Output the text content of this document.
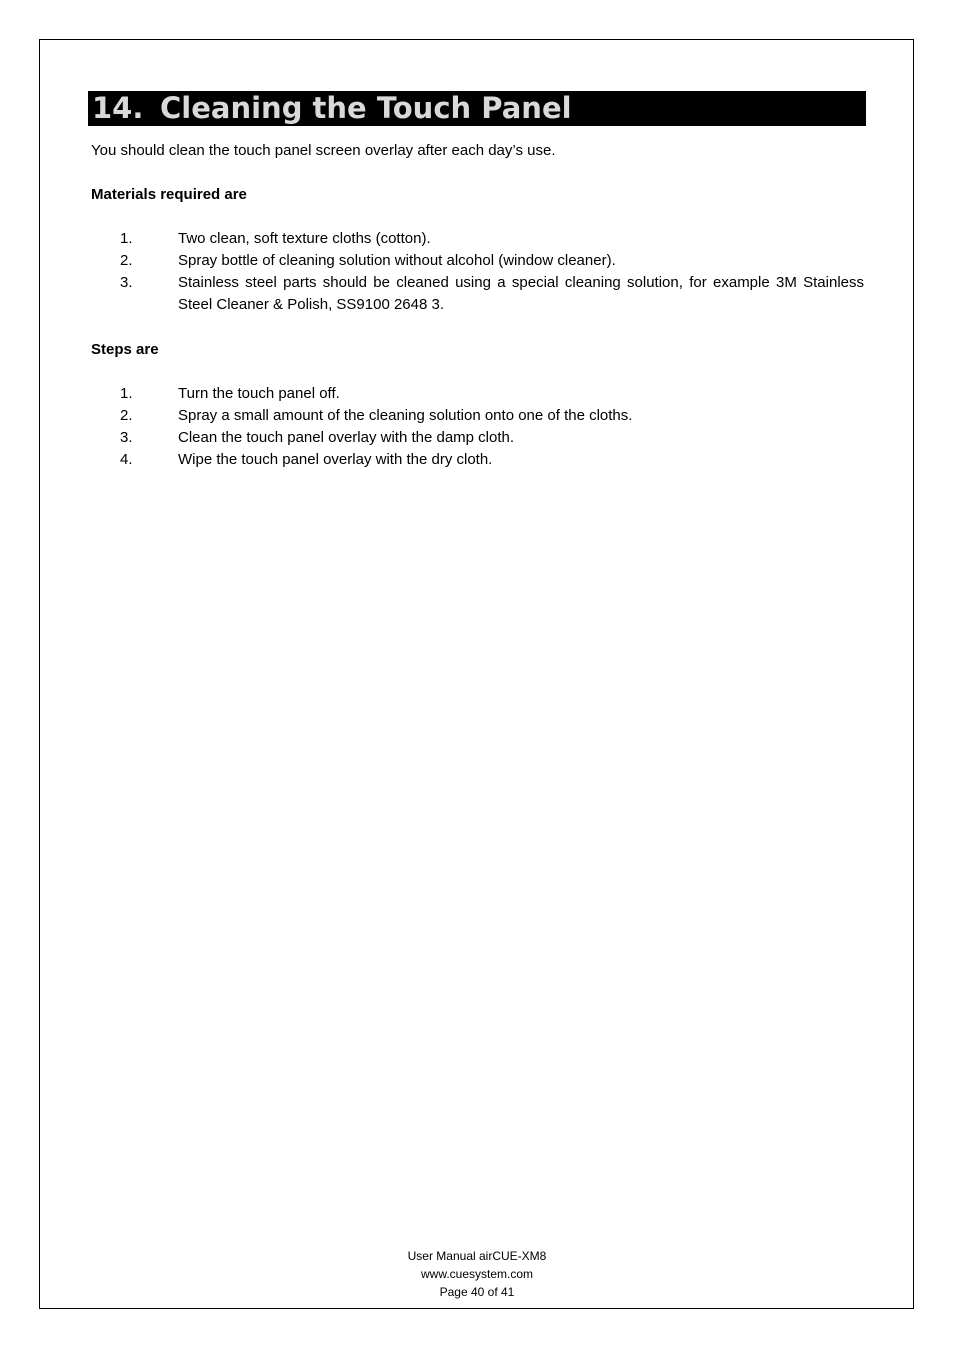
14. Cleaning the Touch Panel
You should clean the touch panel screen overlay after each day’s use.
Materials required are
1.	Two clean, soft texture cloths (cotton).
2.	Spray bottle of cleaning solution without alcohol (window cleaner).
3.	Stainless steel parts should be cleaned using a special cleaning solution, for example 3M Stainless Steel Cleaner & Polish, SS9100 2648 3.
Steps are
1.	Turn the touch panel off.
2.	Spray a small amount of the cleaning solution onto one of the cloths.
3.	Clean the touch panel overlay with the damp cloth.
4.	Wipe the touch panel overlay with the dry cloth.
User Manual airCUE-XM8
www.cuesystem.com
Page 40 of 41
